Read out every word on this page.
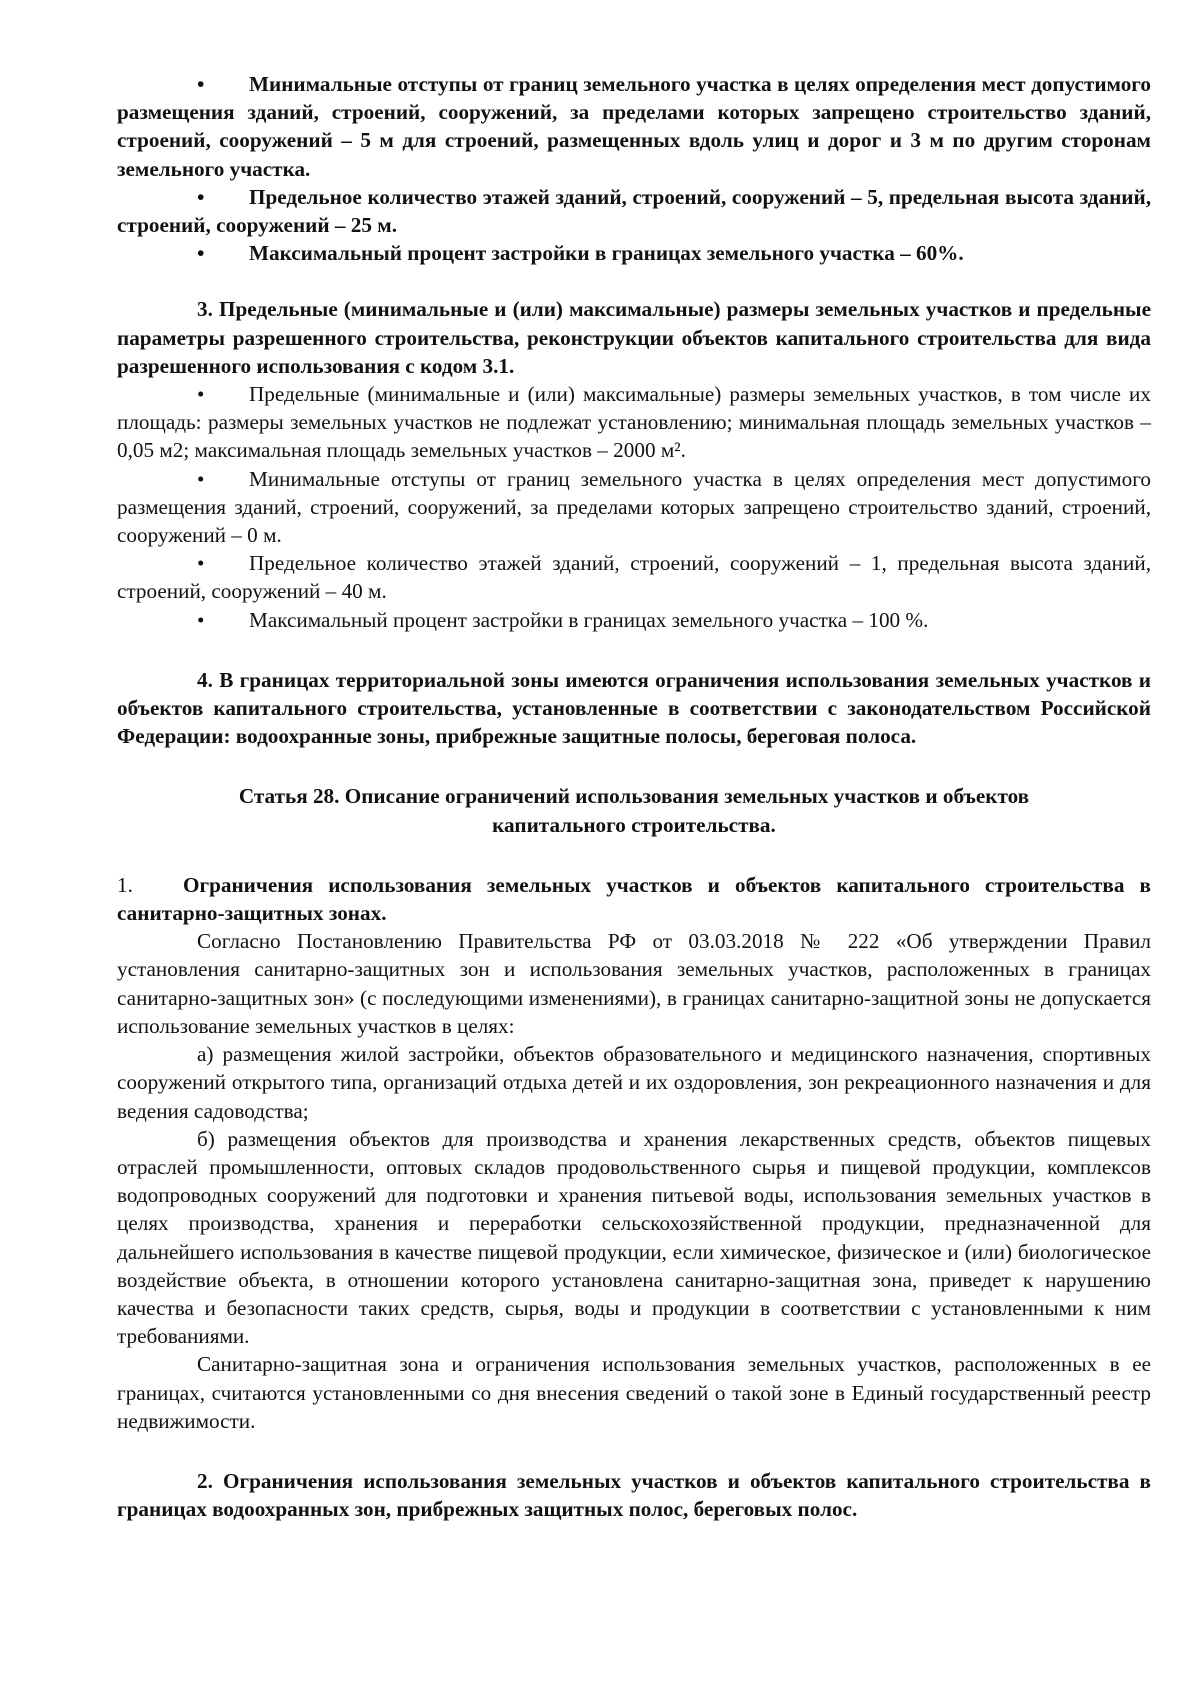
• Минимальные отступы от границ земельного участка в целях определения мест допустимого размещения зданий, строений, сооружений, за пределами которых запрещено строительство зданий, строений, сооружений – 5 м для строений, размещенных вдоль улиц и дорог и 3 м по другим сторонам земельного участка.

• Предельное количество этажей зданий, строений, сооружений – 5, предельная высота зданий, строений, сооружений – 25 м.

• Максимальный процент застройки в границах земельного участка – 60%.

3. Предельные (минимальные и (или) максимальные) размеры земельных участков и предельные параметры разрешенного строительства, реконструкции объектов капитального строительства для вида разрешенного использования с кодом 3.1.

• Предельные (минимальные и (или) максимальные) размеры земельных участков, в том числе их площадь: размеры земельных участков не подлежат установлению; минимальная площадь земельных участков – 0,05 м2; максимальная площадь земельных участков – 2000 м².

• Минимальные отступы от границ земельного участка в целях определения мест допустимого размещения зданий, строений, сооружений, за пределами которых запрещено строительство зданий, строений, сооружений – 0 м.

• Предельное количество этажей зданий, строений, сооружений – 1, предельная высота зданий, строений, сооружений – 40 м.

• Максимальный процент застройки в границах земельного участка – 100 %.

4. В границах территориальной зоны имеются ограничения использования земельных участков и объектов капитального строительства, установленные в соответствии с законодательством Российской Федерации: водоохранные зоны, прибрежные защитные полосы, береговая полоса.

Статья 28. Описание ограничений использования земельных участков и объектов
капитального строительства.

1. Ограничения использования земельных участков и объектов капитального строительства в санитарно-защитных зонах.

Согласно Постановлению Правительства РФ от 03.03.2018 № 222 «Об утверждении Правил установления санитарно-защитных зон и использования земельных участков, расположенных в границах санитарно-защитных зон» (с последующими изменениями), в границах санитарно-защитной зоны не допускается использование земельных участков в целях:

а) размещения жилой застройки, объектов образовательного и медицинского назначения, спортивных сооружений открытого типа, организаций отдыха детей и их оздоровления, зон рекреационного назначения и для ведения садоводства;

б) размещения объектов для производства и хранения лекарственных средств, объектов пищевых отраслей промышленности, оптовых складов продовольственного сырья и пищевой продукции, комплексов водопроводных сооружений для подготовки и хранения питьевой воды, использования земельных участков в целях производства, хранения и переработки сельскохозяйственной продукции, предназначенной для дальнейшего использования в качестве пищевой продукции, если химическое, физическое и (или) биологическое воздействие объекта, в отношении которого установлена санитарно-защитная зона, приведет к нарушению качества и безопасности таких средств, сырья, воды и продукции в соответствии с установленными к ним требованиями.

Санитарно-защитная зона и ограничения использования земельных участков, расположенных в ее границах, считаются установленными со дня внесения сведений о такой зоне в Единый государственный реестр недвижимости.

2. Ограничения использования земельных участков и объектов капитального строительства в границах водоохранных зон, прибрежных защитных полос, береговых полос.
